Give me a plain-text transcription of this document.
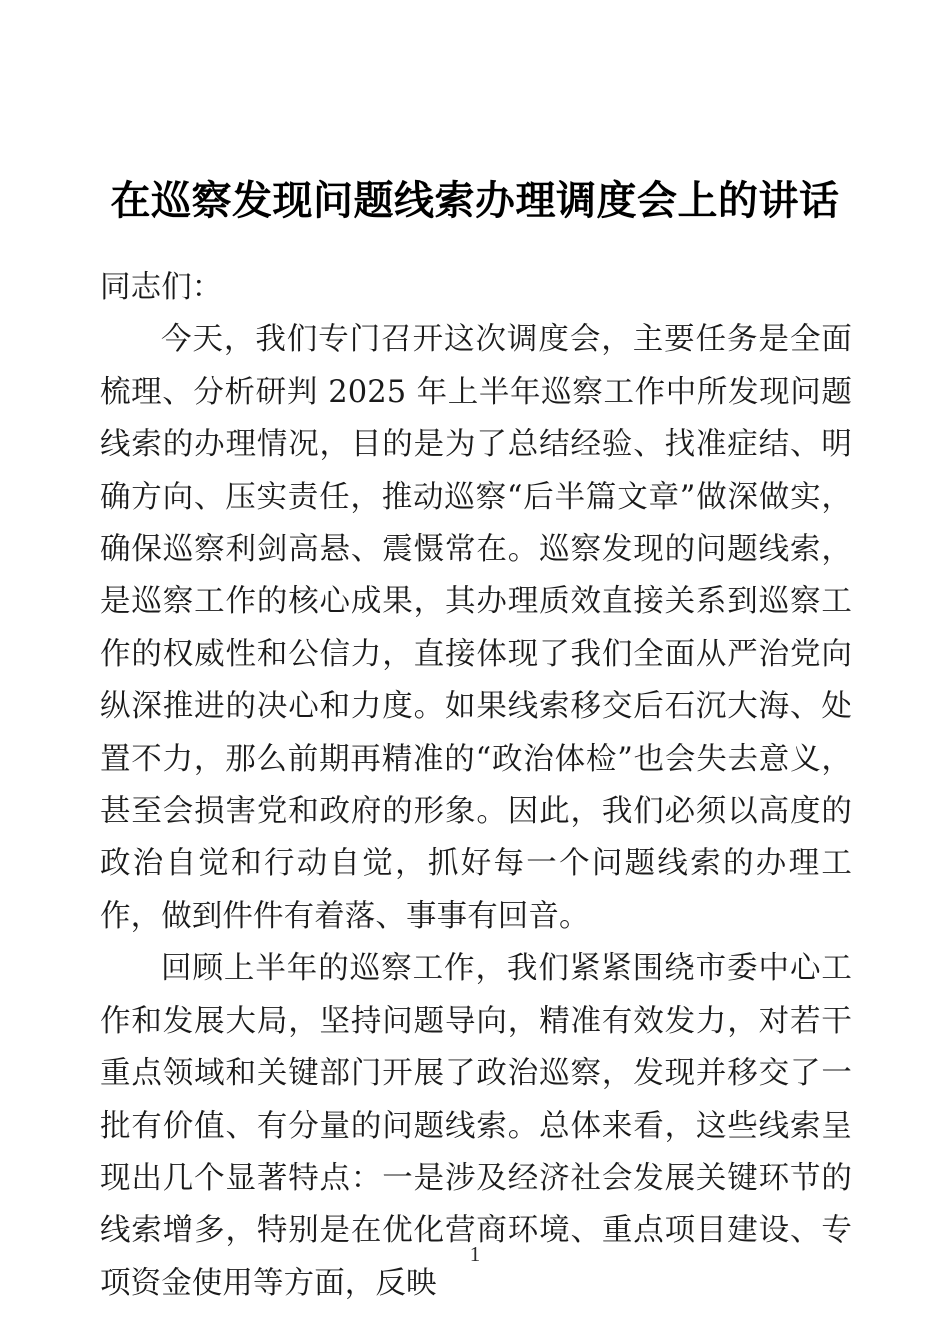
在巡察发现问题线索办理调度会上的讲话

同志们：

今天，我们专门召开这次调度会，主要任务是全面梳理、分析研判 2025 年上半年巡察工作中所发现问题线索的办理情况，目的是为了总结经验、找准症结、明确方向、压实责任，推动巡察“后半篇文章”做深做实，确保巡察利剑高悬、震慑常在。巡察发现的问题线索，是巡察工作的核心成果，其办理质效直接关系到巡察工作的权威性和公信力，直接体现了我们全面从严治党向纵深推进的决心和力度。如果线索移交后石沉大海、处置不力，那么前期再精准的“政治体检”也会失去意义，甚至会损害党和政府的形象。因此，我们必须以高度的政治自觉和行动自觉，抓好每一个问题线索的办理工作，做到件件有着落、事事有回音。

回顾上半年的巡察工作，我们紧紧围绕市委中心工作和发展大局，坚持问题导向，精准有效发力，对若干重点领域和关键部门开展了政治巡察，发现并移交了一批有价值、有分量的问题线索。总体来看，这些线索呈现出几个显著特点：一是涉及经济社会发展关键环节的线索增多，特别是在优化营商环境、重点项目建设、专项资金使用等方面，反映

1
